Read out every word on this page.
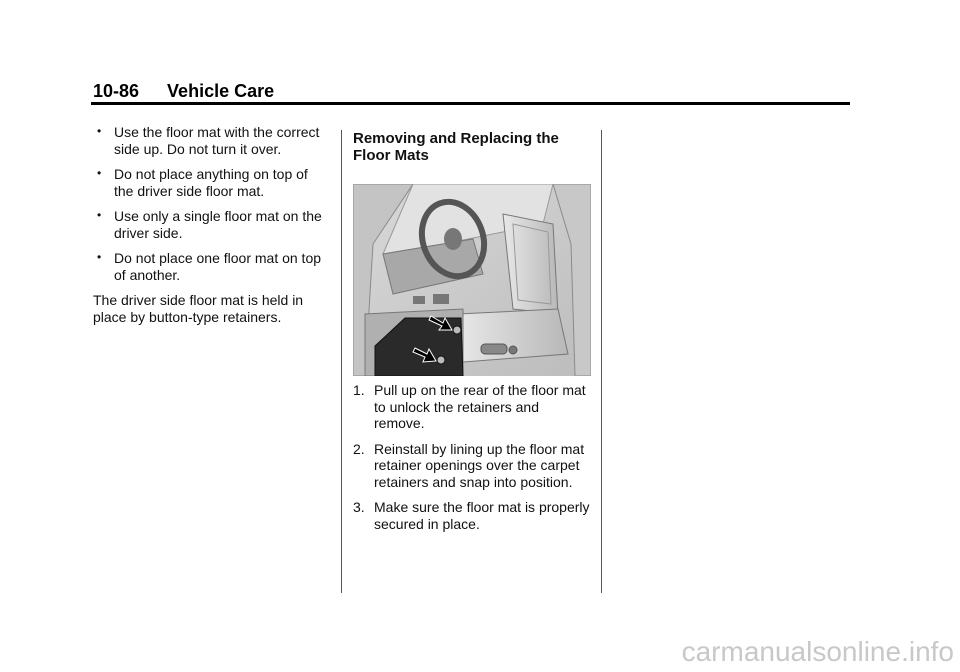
10-86 Vehicle Care
• Use the floor mat with the correct side up. Do not turn it over.
• Do not place anything on top of the driver side floor mat.
• Use only a single floor mat on the driver side.
• Do not place one floor mat on top of another.

The driver side floor mat is held in place by button-type retainers.

Removing and Replacing the Floor Mats
1. Pull up on the rear of the floor mat to unlock the retainers and remove.
2. Reinstall by lining up the floor mat retainer openings over the carpet retainers and snap into position.
3. Make sure the floor mat is properly secured in place.
carmanualsonline.info
